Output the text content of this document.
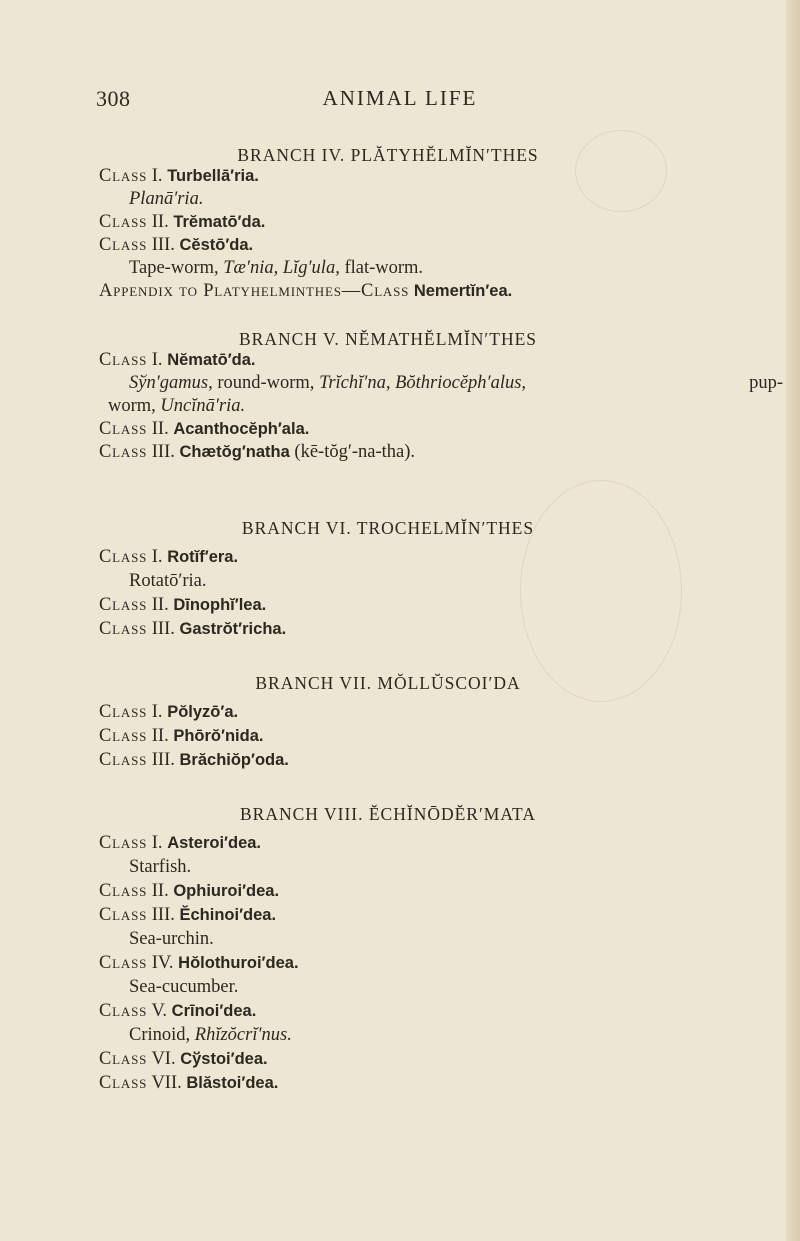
308	ANIMAL LIFE
BRANCH IV. PLĂTYHĔLMĬN′THES
Class I. Turbellā′ria.
Planā′ria.
Class II. Trĕmatō′da.
Class III. Cĕstō′da.
Tape-worm, Tæ′nia, Lĭg′ula, flat-worm.
Appendix to Platyhelminthes—Class Nemertĭn′ea.
BRANCH V. NĔMATHĔLMĬN′THES
Class I. Nĕmatō′da.
Sўn′gamus, round-worm, Trĭchĭ′na, Bŏthriocĕph′alus,	pup-
worm, Uncĭnā′ria.
Class II. Acanthocĕph′ala.
Class III. Chætŏg′natha (kē-tŏg′-na-tha).
BRANCH VI. TROCHELMĬN′THES
Class I. Rotĭf′era.
Rotatō′ria.
Class II. Dīnophĭ′lea.
Class III. Gastrŏt′richa.
BRANCH VII. MŎLLŬSCOI′DA
Class I. Pŏlyzō′a.
Class II. Phōrŏ′nida.
Class III. Brăchiŏp′oda.
BRANCH VIII. ĔCHĬNŌDĔR′MATA
Class I. Asteroi′dea.
Starfish.
Class II. Ophiuroi′dea.
Class III. Ĕchinoi′dea.
Sea-urchin.
Class IV. Hŏlothuroi′dea.
Sea-cucumber.
Class V. Crīnoi′dea.
Crinoid, Rhĭzŏcrĭ′nus.
Class VI. Cўstoi′dea.
Class VII. Blăstoi′dea.
